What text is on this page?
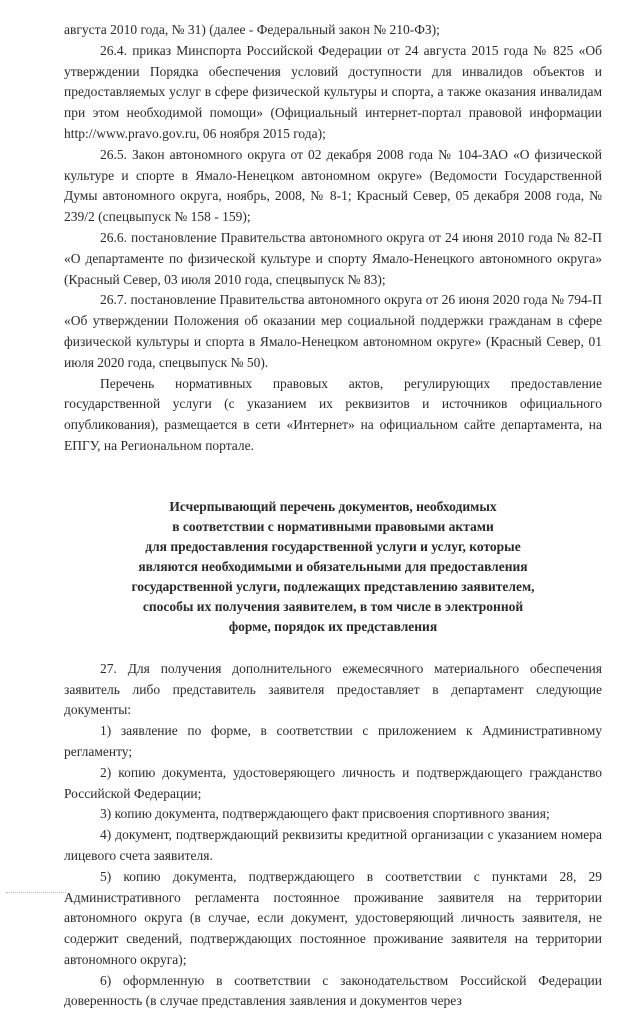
августа 2010 года, № 31) (далее - Федеральный закон № 210-ФЗ);

26.4. приказ Минспорта Российской Федерации от 24 августа 2015 года № 825 «Об утверждении Порядка обеспечения условий доступности для инвалидов объектов и предоставляемых услуг в сфере физической культуры и спорта, а также оказания инвалидам при этом необходимой помощи» (Официальный интернет-портал правовой информации http://www.pravo.gov.ru, 06 ноября 2015 года);

26.5. Закон автономного округа от 02 декабря 2008 года № 104-ЗАО «О физической культуре и спорте в Ямало-Ненецком автономном округе» (Ведомости Государственной Думы автономного округа, ноябрь, 2008, № 8-1; Красный Север, 05 декабря 2008 года, № 239/2 (спецвыпуск № 158 - 159);

26.6. постановление Правительства автономного округа от 24 июня 2010 года № 82-П «О департаменте по физической культуре и спорту Ямало-Ненецкого автономного округа» (Красный Север, 03 июля 2010 года, спецвыпуск № 83);

26.7. постановление Правительства автономного округа от 26 июня 2020 года № 794-П «Об утверждении Положения об оказании мер социальной поддержки гражданам в сфере физической культуры и спорта в Ямало-Ненецком автономном округе» (Красный Север, 01 июля 2020 года, спецвыпуск № 50).

Перечень нормативных правовых актов, регулирующих предоставление государственной услуги (с указанием их реквизитов и источников официального опубликования), размещается в сети «Интернет» на официальном сайте департамента, на ЕПГУ, на Региональном портале.

Исчерпывающий перечень документов, необходимых
в соответствии с нормативными правовыми актами
для предоставления государственной услуги и услуг, которые
являются необходимыми и обязательными для предоставления
государственной услуги, подлежащих представлению заявителем,
способы их получения заявителем, в том числе в электронной
форме, порядок их представления

27. Для получения дополнительного ежемесячного материального обеспечения заявитель либо представитель заявителя предоставляет в департамент следующие документы:

1) заявление по форме, в соответствии с приложением к Административному регламенту;

2) копию документа, удостоверяющего личность и подтверждающего гражданство Российской Федерации;

3) копию документа, подтверждающего факт присвоения спортивного звания;

4) документ, подтверждающий реквизиты кредитной организации с указанием номера лицевого счета заявителя.

5) копию документа, подтверждающего в соответствии с пунктами 28, 29 Административного регламента постоянное проживание заявителя на территории автономного округа (в случае, если документ, удостоверяющий личность заявителя, не содержит сведений, подтверждающих постоянное проживание заявителя на территории автономного округа);

6) оформленную в соответствии с законодательством Российской Федерации доверенность (в случае представления заявления и документов через
